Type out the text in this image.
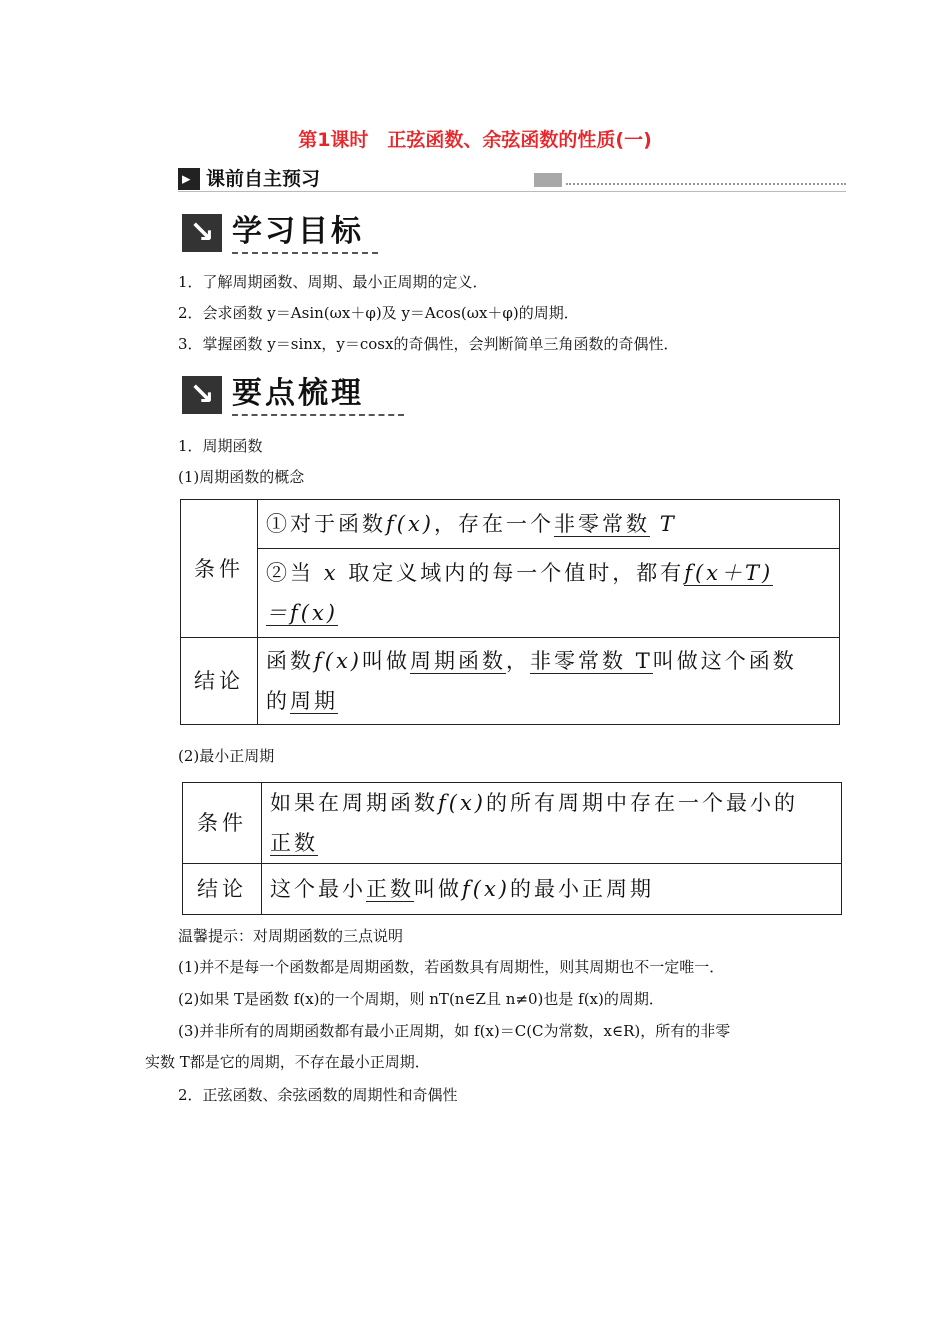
第1课时　正弦函数、余弦函数的性质(一)
▸ 课前自主预习
↘ 学习目标
1．了解周期函数、周期、最小正周期的定义．
2．会求函数 y＝Asin(ωx＋φ)及 y＝Acos(ωx＋φ)的周期．
3．掌握函数 y＝sinx，y＝cosx的奇偶性，会判断简单三角函数的奇偶性．
↘ 要点梳理
1．周期函数
(1)周期函数的概念
条件	①对于函数f(x)，存在一个非零常数 T
	②当 x 取定义域内的每一个值时，都有f(x＋T)
＝f(x)
结论	函数f(x)叫做周期函数，非零常数 T叫做这个函数
的周期
(2)最小正周期
条件	如果在周期函数f(x)的所有周期中存在一个最小的
正数
结论	这个最小正数叫做f(x)的最小正周期
温馨提示：对周期函数的三点说明
(1)并不是每一个函数都是周期函数，若函数具有周期性，则其周期也不一定唯一．
(2)如果 T是函数 f(x)的一个周期，则 nT(n∈Z且 n≠0)也是 f(x)的周期．
(3)并非所有的周期函数都有最小正周期，如 f(x)＝C(C为常数，x∈R)，所有的非零
实数 T都是它的周期，不存在最小正周期．
2．正弦函数、余弦函数的周期性和奇偶性
